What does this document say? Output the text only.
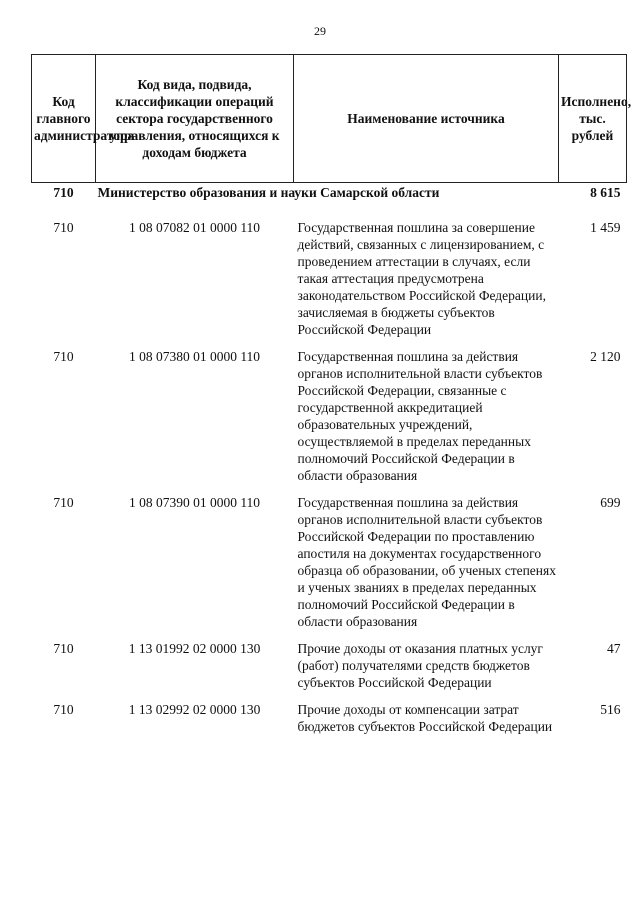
29
Код главного администратора	Код вида, подвида, классификации операций сектора государственного управления, относящихся к доходам бюджета	Наименование источника	Исполнено, тыс. рублей
710	Министерство образования и науки Самарской области		8 615
710	1 08 07082 01 0000 110	Государственная пошлина за совершение действий, связанных с лицензированием, с проведением аттестации в случаях, если такая аттестация предусмотрена законодательством Российской Федерации, зачисляемая в бюджеты субъектов Российской Федерации	1 459
710	1 08 07380 01 0000 110	Государственная пошлина за действия органов исполнительной власти субъектов Российской Федерации, связанные с государственной аккредитацией образовательных учреждений, осуществляемой в пределах переданных полномочий Российской Федерации в области образования	2 120
710	1 08 07390 01 0000 110	Государственная пошлина за действия органов исполнительной власти субъектов Российской Федерации по проставлению апостиля на документах государственного образца об образовании, об ученых степенях и ученых званиях в пределах переданных полномочий Российской Федерации в области образования	699
710	1 13 01992 02 0000 130	Прочие доходы от оказания платных услуг (работ) получателями средств бюджетов субъектов Российской Федерации	47
710	1 13 02992 02 0000 130	Прочие доходы от компенсации затрат бюджетов субъектов Российской Федерации	516
